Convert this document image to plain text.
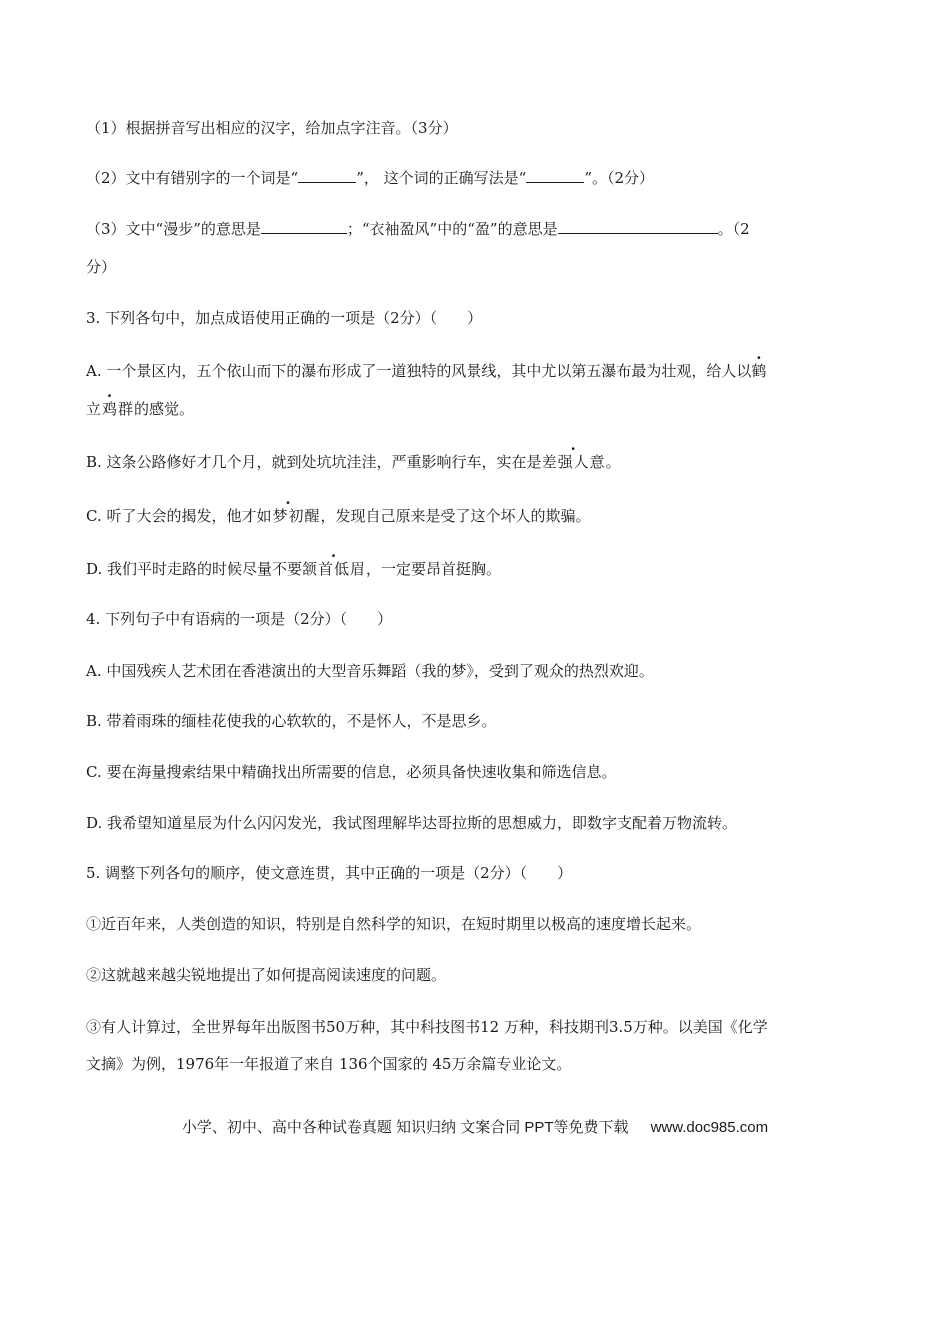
（1）根据拼音写出相应的汉字，给加点字注音。（3分）
（2）文中有错别字的一个词是“	”， 这个词的正确写法是“	”。（2分）
（3）文中“漫步”的意思是	；“衣袖盈风”中的“盈”的意思是	。（2
分）
3. 下列各句中，加点成语使用正确的一项是（2分）（　　）
A. 一个景区内，五个依山而下的瀑布形成了一道独特的风景线，其中尤以第五瀑布最为壮观，给人以鹤
立鸡群的感觉。
B. 这条公路修好才几个月，就到处坑坑洼洼，严重影响行车，实在是差强人意。
C. 听了大会的揭发，他才如梦初醒，发现自己原来是受了这个坏人的欺骗。
D. 我们平时走路的时候尽量不要颔首低眉，一定要昂首挺胸。
4. 下列句子中有语病的一项是（2分）（　　）
A. 中国残疾人艺术团在香港演出的大型音乐舞蹈（我的梦》，受到了观众的热烈欢迎。
B. 带着雨珠的缅桂花使我的心软软的，不是怀人，不是思乡。
C. 要在海量搜索结果中精确找出所需要的信息，必须具备快速收集和筛选信息。
D. 我希望知道星辰为什么闪闪发光，我试图理解毕达哥拉斯的思想威力，即数字支配着万物流转。
5. 调整下列各句的顺序，使文意连贯，其中正确的一项是（2分）（　　）
①近百年来，人类创造的知识，特别是自然科学的知识，在短时期里以极高的速度增长起来。
②这就越来越尖锐地提出了如何提高阅读速度的问题。
③有人计算过，全世界每年出版图书50万种，其中科技图书12 万种，科技期刊3.5万种。以美国《化学
文摘》为例，1976年一年报道了来自 136个国家的 45万余篇专业论文。
小学、初中、高中各种试卷真题 知识归纳 文案合同 PPT等免费下载 www.doc985.com
